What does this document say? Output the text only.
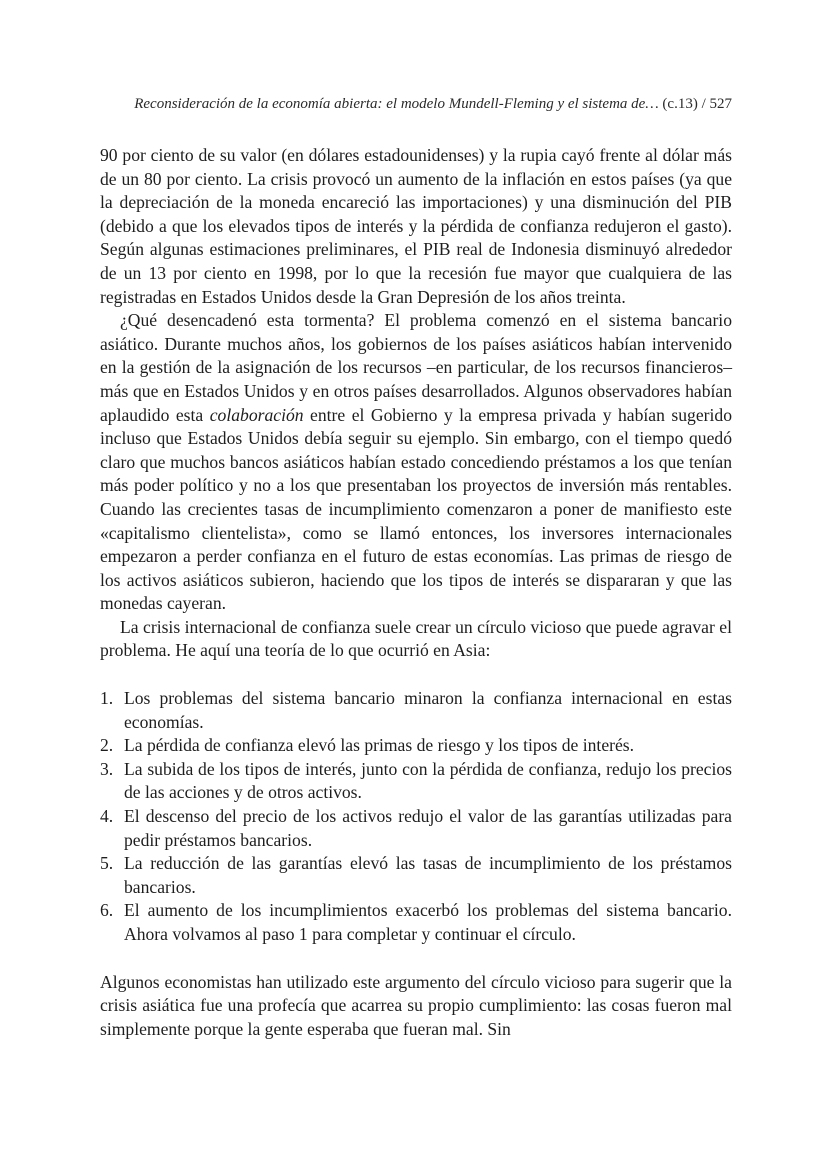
Reconsideración de la economía abierta: el modelo Mundell-Fleming y el sistema de… (c.13) / 527

90 por ciento de su valor (en dólares estadounidenses) y la rupia cayó frente al dólar más de un 80 por ciento. La crisis provocó un aumento de la inflación en estos países (ya que la depreciación de la moneda encareció las importaciones) y una disminución del PIB (debido a que los elevados tipos de interés y la pérdida de confianza redujeron el gasto). Según algunas estimaciones preliminares, el PIB real de Indonesia disminuyó alrededor de un 13 por ciento en 1998, por lo que la recesión fue mayor que cualquiera de las registradas en Estados Unidos desde la Gran Depresión de los años treinta.

¿Qué desencadenó esta tormenta? El problema comenzó en el sistema bancario asiático. Durante muchos años, los gobiernos de los países asiáticos habían intervenido en la gestión de la asignación de los recursos –en particular, de los recursos financieros– más que en Estados Unidos y en otros países desarrollados. Algunos observadores habían aplaudido esta colaboración entre el Gobierno y la empresa privada y habían sugerido incluso que Estados Unidos debía seguir su ejemplo. Sin embargo, con el tiempo quedó claro que muchos bancos asiáticos habían estado concediendo préstamos a los que tenían más poder político y no a los que presentaban los proyectos de inversión más rentables. Cuando las crecientes tasas de incumplimiento comenzaron a poner de manifiesto este «capitalismo clientelista», como se llamó entonces, los inversores internacionales empezaron a perder confianza en el futuro de estas economías. Las primas de riesgo de los activos asiáticos subieron, haciendo que los tipos de interés se dispararan y que las monedas cayeran.

La crisis internacional de confianza suele crear un círculo vicioso que puede agravar el problema. He aquí una teoría de lo que ocurrió en Asia:

1. Los problemas del sistema bancario minaron la confianza internacional en estas economías.
2. La pérdida de confianza elevó las primas de riesgo y los tipos de interés.
3. La subida de los tipos de interés, junto con la pérdida de confianza, redujo los precios de las acciones y de otros activos.
4. El descenso del precio de los activos redujo el valor de las garantías utilizadas para pedir préstamos bancarios.
5. La reducción de las garantías elevó las tasas de incumplimiento de los préstamos bancarios.
6. El aumento de los incumplimientos exacerbó los problemas del sistema bancario. Ahora volvamos al paso 1 para completar y continuar el círculo.

Algunos economistas han utilizado este argumento del círculo vicioso para sugerir que la crisis asiática fue una profecía que acarrea su propio cumplimiento: las cosas fueron mal simplemente porque la gente esperaba que fueran mal. Sin
